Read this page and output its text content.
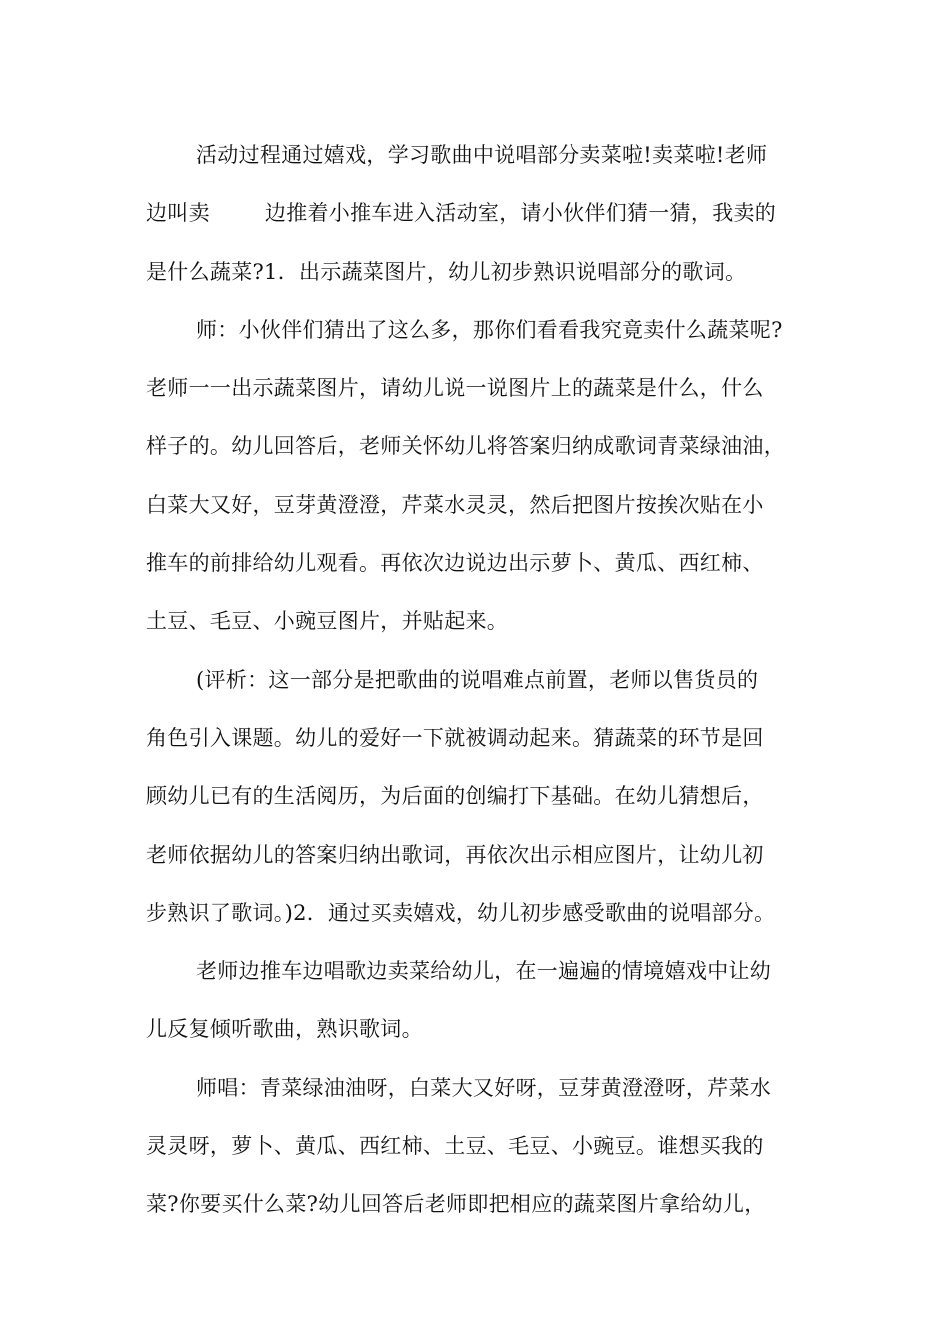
活动过程通过嬉戏，学习歌曲中说唱部分卖菜啦!卖菜啦!老师
边叫卖	边推着小推车进入活动室，请小伙伴们猜一猜，我卖的
是什么蔬菜?1．出示蔬菜图片，幼儿初步熟识说唱部分的歌词。
师：小伙伴们猜出了这么多，那你们看看我究竟卖什么蔬菜呢?
老师一一出示蔬菜图片，请幼儿说一说图片上的蔬菜是什么，什么
样子的。幼儿回答后，老师关怀幼儿将答案归纳成歌词青菜绿油油，
白菜大又好，豆芽黄澄澄，芹菜水灵灵，然后把图片按挨次贴在小
推车的前排给幼儿观看。再依次边说边出示萝卜、黄瓜、西红柿、
土豆、毛豆、小豌豆图片，并贴起来。
(评析：这一部分是把歌曲的说唱难点前置，老师以售货员的
角色引入课题。幼儿的爱好一下就被调动起来。猜蔬菜的环节是回
顾幼儿已有的生活阅历，为后面的创编打下基础。在幼儿猜想后，
老师依据幼儿的答案归纳出歌词，再依次出示相应图片，让幼儿初
步熟识了歌词。)2．通过买卖嬉戏，幼儿初步感受歌曲的说唱部分。
老师边推车边唱歌边卖菜给幼儿，在一遍遍的情境嬉戏中让幼
儿反复倾听歌曲，熟识歌词。
师唱：青菜绿油油呀，白菜大又好呀，豆芽黄澄澄呀，芹菜水
灵灵呀，萝卜、黄瓜、西红柿、土豆、毛豆、小豌豆。谁想买我的
菜?你要买什么菜?幼儿回答后老师即把相应的蔬菜图片拿给幼儿，
